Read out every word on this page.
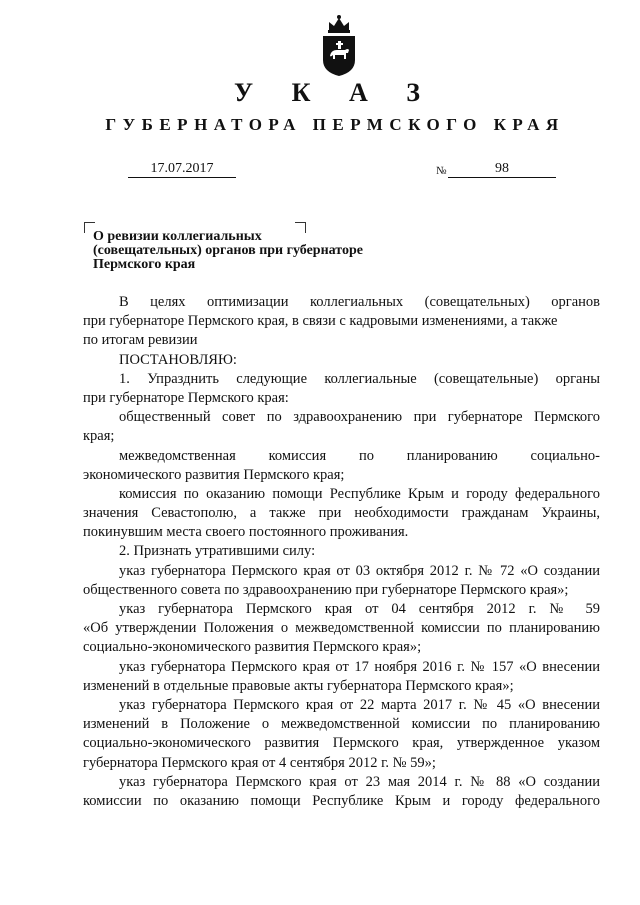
У К А З
ГУБЕРНАТОРА ПЕРМСКОГО КРАЯ
17.07.2017	№	98
О ревизии коллегиальных
(совещательных) органов при губернаторе
Пермского края
В целях оптимизации коллегиальных (совещательных) органов
при губернаторе Пермского края, в связи с кадровыми изменениями, а также
по итогам ревизии
ПОСТАНОВЛЯЮ:
1. Упразднить следующие коллегиальные (совещательные) органы
при губернаторе Пермского края:
общественный совет по здравоохранению при губернаторе Пермского
края;
межведомственная комиссия по планированию социально-
экономического развития Пермского края;
комиссия по оказанию помощи Республике Крым и городу федерального
значения Севастополю, а также при необходимости гражданам Украины,
покинувшим места своего постоянного проживания.
2. Признать утратившими силу:
указ губернатора Пермского края от 03 октября 2012 г. № 72 «О создании
общественного совета по здравоохранению при губернаторе Пермского края»;
указ губернатора Пермского края от 04 сентября 2012 г. № 59
«Об утверждении Положения о межведомственной комиссии по планированию
социально-экономического развития Пермского края»;
указ губернатора Пермского края от 17 ноября 2016 г. № 157 «О внесении
изменений в отдельные правовые акты губернатора Пермского края»;
указ губернатора Пермского края от 22 марта 2017 г. № 45 «О внесении
изменений в Положение о межведомственной комиссии по планированию
социально-экономического развития Пермского края, утвержденное указом
губернатора Пермского края от 4 сентября 2012 г. № 59»;
указ губернатора Пермского края от 23 мая 2014 г. № 88 «О создании
комиссии по оказанию помощи Республике Крым и городу федерального
